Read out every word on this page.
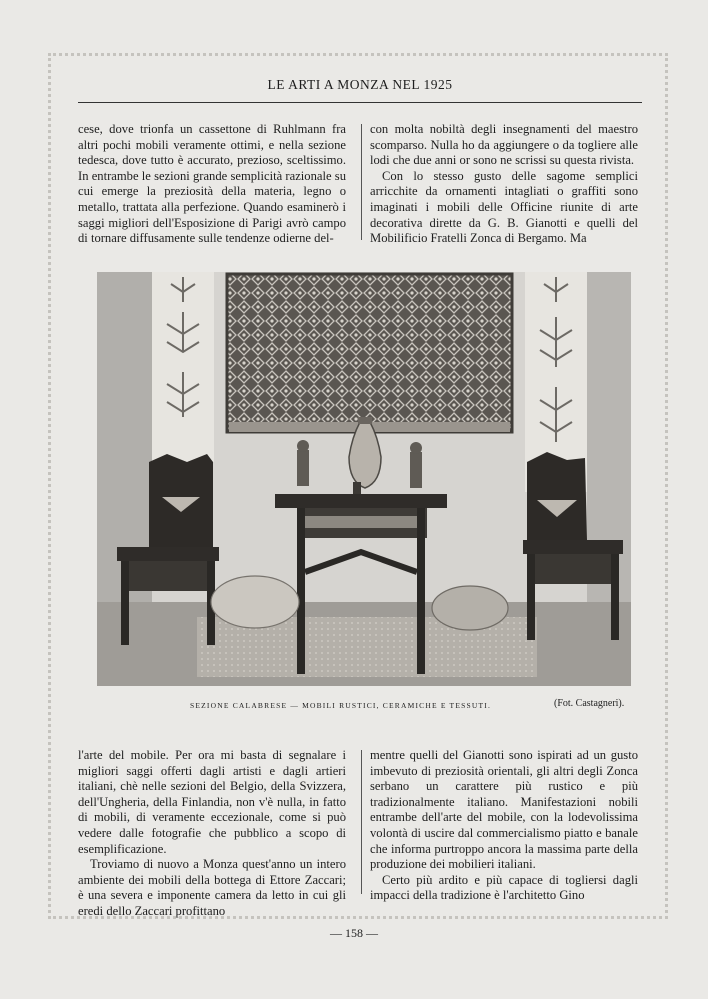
LE ARTI A MONZA NEL 1925

cese, dove trionfa un cassettone di Ruhlmann fra altri pochi mobili veramente ottimi, e nella sezione tedesca, dove tutto è accurato, prezioso, sceltissimo. In entrambe le sezioni grande semplicità razionale su cui emerge la preziosità della materia, legno o metallo, trattata alla perfezione. Quando esaminerò i saggi migliori dell'Esposizione di Parigi avrò campo di tornare diffusamente sulle tendenze odierne del-

con molta nobiltà degli insegnamenti del maestro scomparso. Nulla ho da aggiungere o da togliere alle lodi che due anni or sono ne scrissi su questa rivista.

Con lo stesso gusto delle sagome semplici arricchite da ornamenti intagliati o graffiti sono imaginati i mobili delle Officine riunite di arte decorativa dirette da G. B. Gianotti e quelli del Mobilificio Fratelli Zonca di Bergamo. Ma

SEZIONE CALABRESE — MOBILI RUSTICI, CERAMICHE E TESSUTI.	(Fot. Castagneri).

l'arte del mobile. Per ora mi basta di segnalare i migliori saggi offerti dagli artisti e dagli artieri italiani, chè nelle sezioni del Belgio, della Svizzera, dell'Ungheria, della Finlandia, non v'è nulla, in fatto di mobili, di veramente eccezionale, come si può vedere dalle fotografie che pubblico a scopo di esemplificazione.

Troviamo di nuovo a Monza quest'anno un intero ambiente dei mobili della bottega di Ettore Zaccari; è una severa e imponente camera da letto in cui gli eredi dello Zaccari profittano

mentre quelli del Gianotti sono ispirati ad un gusto imbevuto di preziosità orientali, gli altri degli Zonca serbano un carattere più rustico e più tradizionalmente italiano. Manifestazioni nobili entrambe dell'arte del mobile, con la lodevolissima volontà di uscire dal commercialismo piatto e banale che informa purtroppo ancora la massima parte della produzione dei mobilieri italiani.

Certo più ardito e più capace di togliersi dagli impacci della tradizione è l'architetto Gino

— 158 —
